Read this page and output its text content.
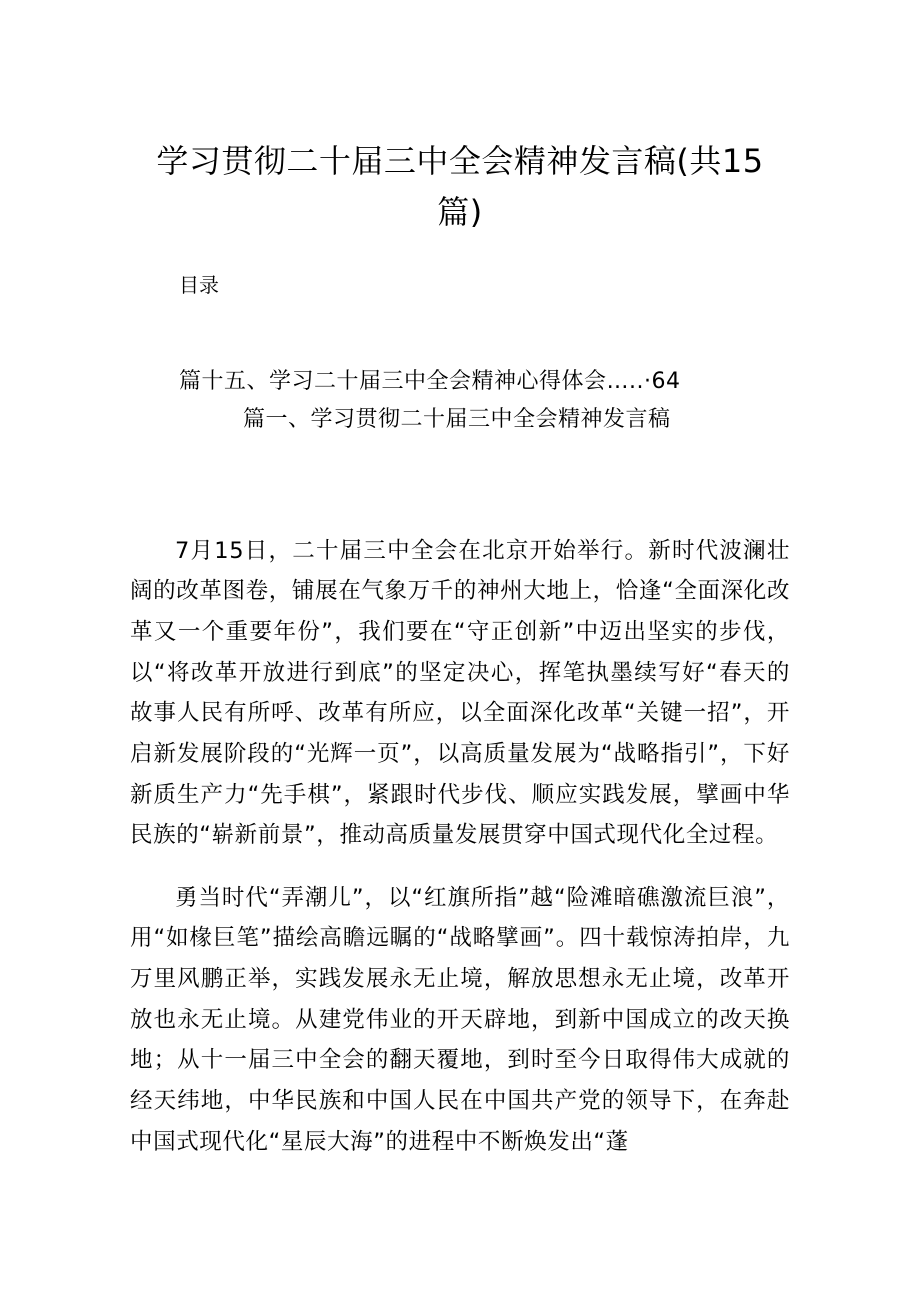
学习贯彻二十届三中全会精神发言稿(共15
篇)
目录
篇十五、学习二十届三中全会精神心得体会…..·64
篇一、学习贯彻二十届三中全会精神发言稿

7月15日，二十届三中全会在北京开始举行。新时代波澜壮阔的改革图卷，铺展在气象万千的神州大地上，恰逢“全面深化改革又一个重要年份”，我们要在“守正创新”中迈出坚实的步伐，以“将改革开放进行到底”的坚定决心，挥笔执墨续写好“春天的故事人民有所呼、改革有所应，以全面深化改革“关键一招”，开启新发展阶段的“光辉一页”，以高质量发展为“战略指引”，下好新质生产力“先手棋”，紧跟时代步伐、顺应实践发展，擘画中华民族的“崭新前景”，推动高质量发展贯穿中国式现代化全过程。

勇当时代“弄潮儿”，以“红旗所指”越“险滩暗礁激流巨浪”，用“如椽巨笔”描绘高瞻远瞩的“战略擘画”。四十载惊涛拍岸，九万里风鹏正举，实践发展永无止境，解放思想永无止境，改革开放也永无止境。从建党伟业的开天辟地，到新中国成立的改天换地；从十一届三中全会的翻天覆地，到时至今日取得伟大成就的经天纬地，中华民族和中国人民在中国共产党的领导下，在奔赴中国式现代化“星辰大海”的进程中不断焕发出“蓬
